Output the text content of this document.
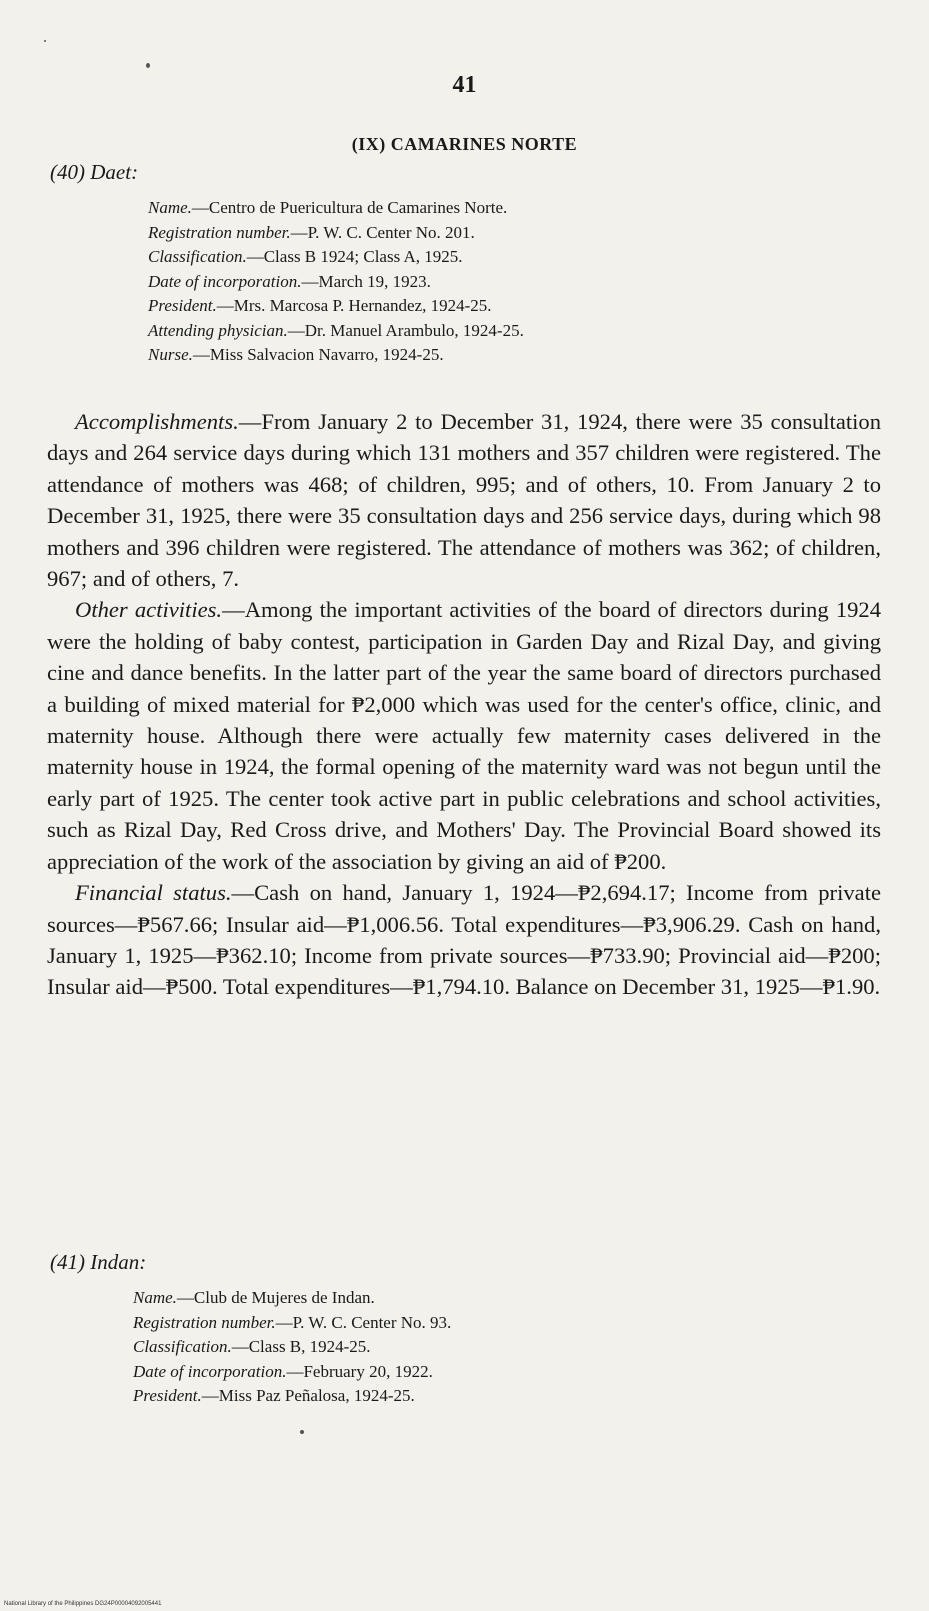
41
(IX) CAMARINES NORTE
(40) Daet:
Name.—Centro de Puericultura de Camarines Norte.
Registration number.—P. W. C. Center No. 201.
Classification.—Class B 1924; Class A, 1925.
Date of incorporation.—March 19, 1923.
President.—Mrs. Marcosa P. Hernandez, 1924-25.
Attending physician.—Dr. Manuel Arambulo, 1924-25.
Nurse.—Miss Salvacion Navarro, 1924-25.

Accomplishments.—From January 2 to December 31, 1924, there were 35 consultation days and 264 service days during which 131 mothers and 357 children were registered. The attendance of mothers was 468; of children, 995; and of others, 10. From January 2 to December 31, 1925, there were 35 consultation days and 256 service days, during which 98 mothers and 396 children were registered. The attendance of mothers was 362; of children, 967; and of others, 7.

Other activities.—Among the important activities of the board of directors during 1924 were the holding of baby contest, participation in Garden Day and Rizal Day, and giving cine and dance benefits. In the latter part of the year the same board of directors purchased a building of mixed material for ₱2,000 which was used for the center's office, clinic, and maternity house. Although there were actually few maternity cases delivered in the maternity house in 1924, the formal opening of the maternity ward was not begun until the early part of 1925. The center took active part in public celebrations and school activities, such as Rizal Day, Red Cross drive, and Mothers' Day. The Provincial Board showed its appreciation of the work of the association by giving an aid of ₱200.

Financial status.—Cash on hand, January 1, 1924—₱2,694.17; Income from private sources—₱567.66; Insular aid—₱1,006.56. Total expenditures—₱3,906.29. Cash on hand, January 1, 1925—₱362.10; Income from private sources—₱733.90; Provincial aid—₱200; Insular aid—₱500. Total expenditures—₱1,794.10. Balance on December 31, 1925—₱1.90.

(41) Indan:
Name.—Club de Mujeres de Indan.
Registration number.—P. W. C. Center No. 93.
Classification.—Class B, 1924-25.
Date of incorporation.—February 20, 1922.
President.—Miss Paz Peñalosa, 1924-25.
National Library of the Philippines DG24P00004092005441
